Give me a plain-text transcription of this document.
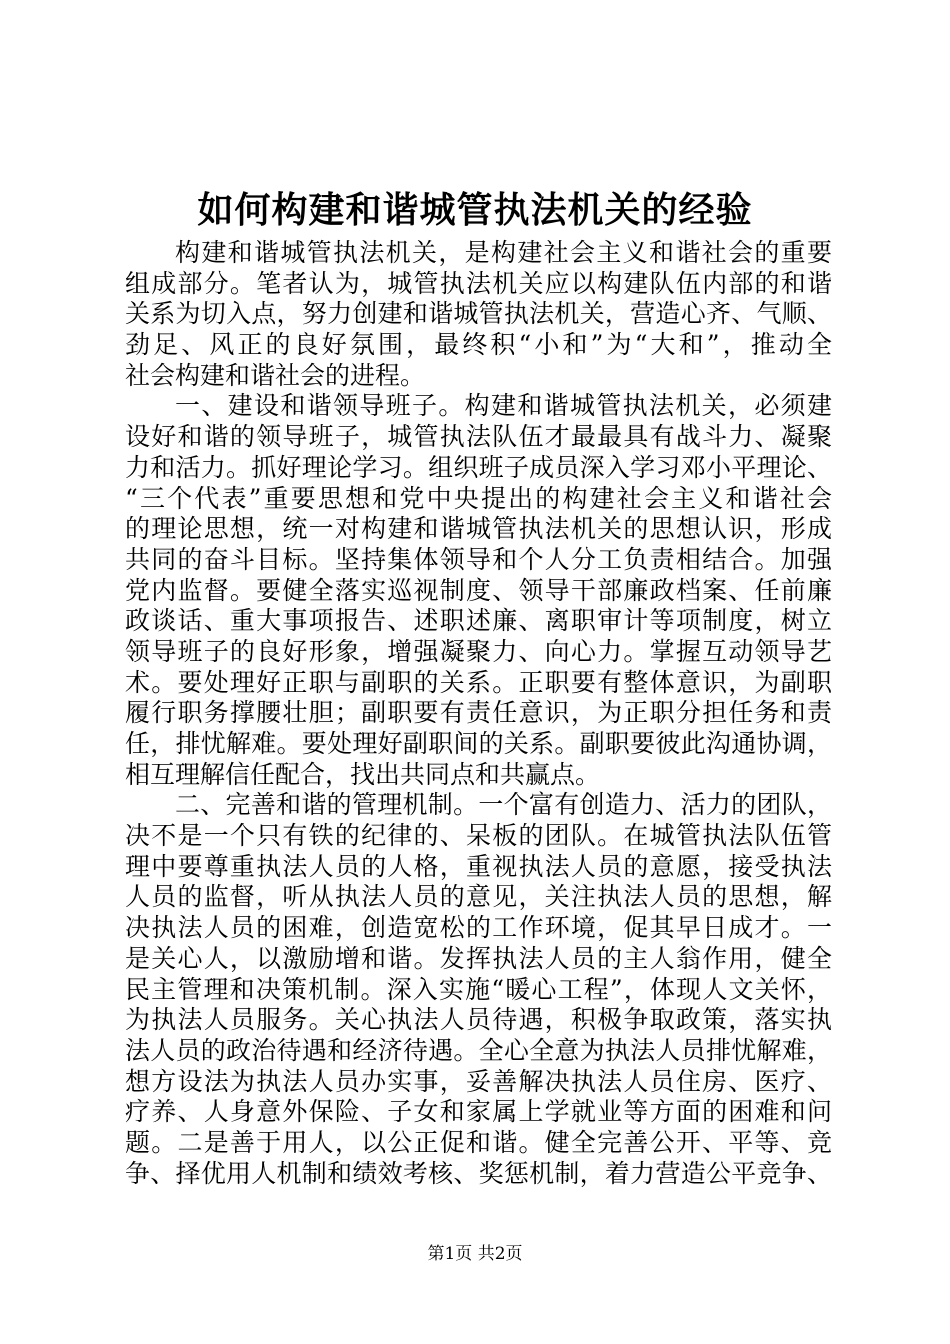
如何构建和谐城管执法机关的经验
构建和谐城管执法机关，是构建社会主义和谐社会的重要
组成部分。笔者认为，城管执法机关应以构建队伍内部的和谐
关系为切入点，努力创建和谐城管执法机关，营造心齐、气顺、
劲足、风正的良好氛围，最终积“小和”为“大和”，推动全
社会构建和谐社会的进程。
一、建设和谐领导班子。构建和谐城管执法机关，必须建
设好和谐的领导班子，城管执法队伍才最最具有战斗力、凝聚
力和活力。抓好理论学习。组织班子成员深入学习邓小平理论、
“三个代表”重要思想和党中央提出的构建社会主义和谐社会
的理论思想，统一对构建和谐城管执法机关的思想认识，形成
共同的奋斗目标。坚持集体领导和个人分工负责相结合。加强
党内监督。要健全落实巡视制度、领导干部廉政档案、任前廉
政谈话、重大事项报告、述职述廉、离职审计等项制度，树立
领导班子的良好形象，增强凝聚力、向心力。掌握互动领导艺
术。要处理好正职与副职的关系。正职要有整体意识，为副职
履行职务撑腰壮胆；副职要有责任意识，为正职分担任务和责
任，排忧解难。要处理好副职间的关系。副职要彼此沟通协调，
相互理解信任配合，找出共同点和共赢点。
二、完善和谐的管理机制。一个富有创造力、活力的团队，
决不是一个只有铁的纪律的、呆板的团队。在城管执法队伍管
理中要尊重执法人员的人格，重视执法人员的意愿，接受执法
人员的监督，听从执法人员的意见，关注执法人员的思想，解
决执法人员的困难，创造宽松的工作环境，促其早日成才。一
是关心人，以激励增和谐。发挥执法人员的主人翁作用，健全
民主管理和决策机制。深入实施“暖心工程”，体现人文关怀，
为执法人员服务。关心执法人员待遇，积极争取政策，落实执
法人员的政治待遇和经济待遇。全心全意为执法人员排忧解难，
想方设法为执法人员办实事，妥善解决执法人员住房、医疗、
疗养、人身意外保险、子女和家属上学就业等方面的困难和问
题。二是善于用人，以公正促和谐。健全完善公开、平等、竞
争、择优用人机制和绩效考核、奖惩机制，着力营造公平竞争、
第1页 共2页
